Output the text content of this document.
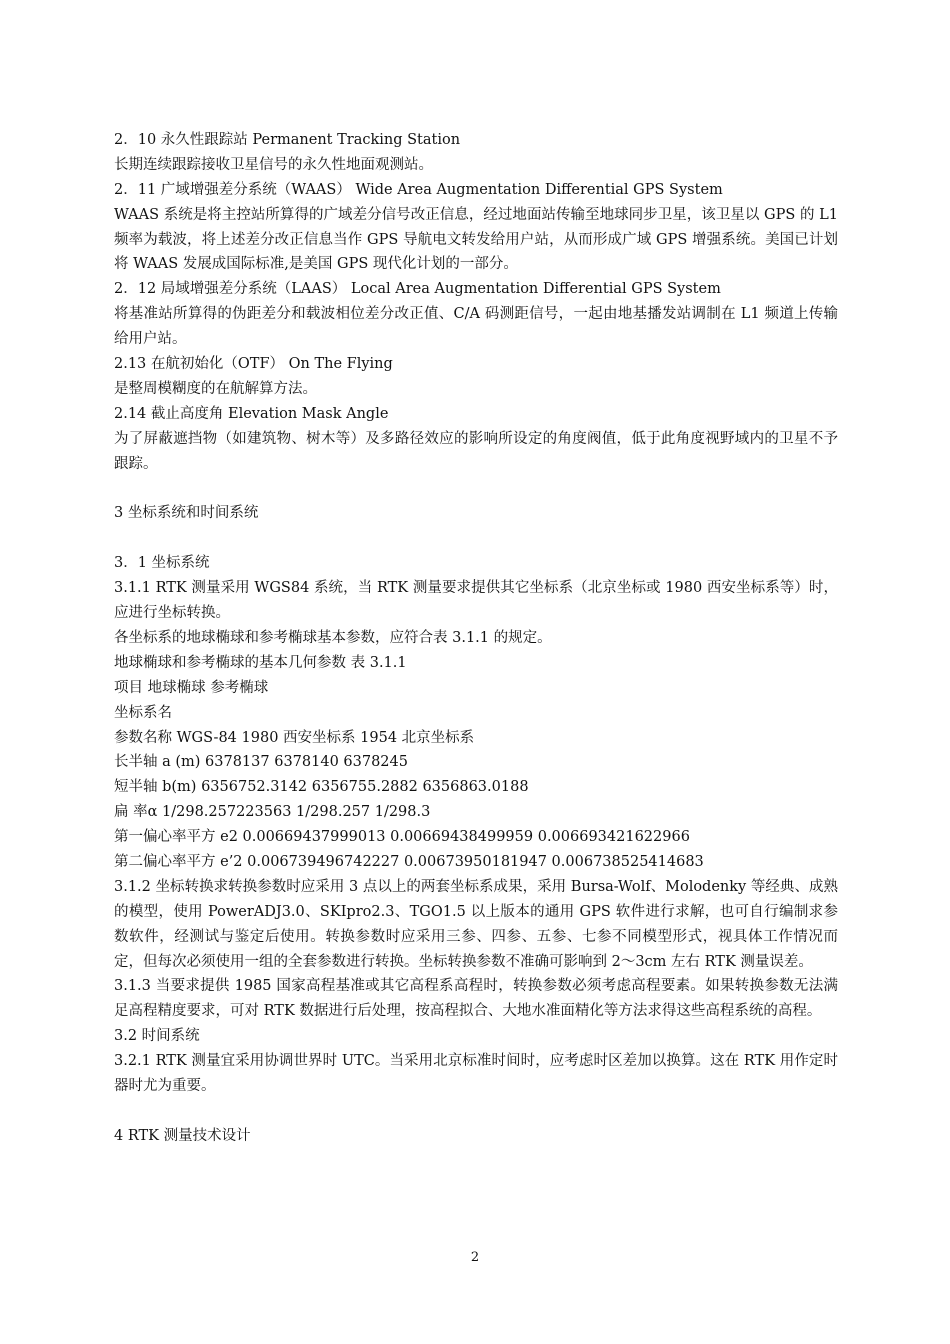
2．10 永久性跟踪站 Permanent Tracking Station
长期连续跟踪接收卫星信号的永久性地面观测站。
2．11 广域增强差分系统（WAAS） Wide Area Augmentation Differential GPS System
WAAS 系统是将主控站所算得的广域差分信号改正信息，经过地面站传输至地球同步卫星，该卫星以 GPS 的 L1 频率为载波，将上述差分改正信息当作 GPS 导航电文转发给用户站，从而形成广域 GPS 增强系统。美国已计划将 WAAS 发展成国际标准,是美国 GPS 现代化计划的一部分。
2．12 局域增强差分系统（LAAS） Local Area Augmentation Differential GPS System
将基准站所算得的伪距差分和载波相位差分改正值、C/A 码测距信号，一起由地基播发站调制在 L1 频道上传输给用户站。
2.13 在航初始化（OTF） On The Flying
是整周模糊度的在航解算方法。
2.14 截止高度角 Elevation Mask Angle
为了屏蔽遮挡物（如建筑物、树木等）及多路径效应的影响所设定的角度阀值，低于此角度视野域内的卫星不予跟踪。
3 坐标系统和时间系统
3．1 坐标系统
3.1.1 RTK 测量采用 WGS84 系统，当 RTK 测量要求提供其它坐标系（北京坐标或 1980 西安坐标系等）时，应进行坐标转换。
各坐标系的地球椭球和参考椭球基本参数，应符合表 3.1.1 的规定。
地球椭球和参考椭球的基本几何参数 表 3.1.1
项目 地球椭球 参考椭球
坐标系名
参数名称 WGS-84 1980 西安坐标系 1954 北京坐标系
长半轴 a (m) 6378137 6378140 6378245
短半轴 b(m) 6356752.3142 6356755.2882 6356863.0188
扁 率α 1/298.257223563 1/298.257 1/298.3
第一偏心率平方 e2 0.00669437999013 0.00669438499959 0.006693421622966
第二偏心率平方 e’2 0.006739496742227 0.00673950181947 0.006738525414683
3.1.2 坐标转换求转换参数时应采用 3 点以上的两套坐标系成果，采用 Bursa-Wolf、Molodenky 等经典、成熟的模型，使用 PowerADJ3.0、SKIpro2.3、TGO1.5 以上版本的通用 GPS 软件进行求解，也可自行编制求参数软件，经测试与鉴定后使用。转换参数时应采用三参、四参、五参、七参不同模型形式，视具体工作情况而定，但每次必须使用一组的全套参数进行转换。坐标转换参数不准确可影响到 2～3cm 左右 RTK 测量误差。
3.1.3 当要求提供 1985 国家高程基准或其它高程系高程时，转换参数必须考虑高程要素。如果转换参数无法满足高程精度要求，可对 RTK 数据进行后处理，按高程拟合、大地水准面精化等方法求得这些高程系统的高程。
3.2 时间系统
3.2.1 RTK 测量宜采用协调世界时 UTC。当采用北京标准时间时，应考虑时区差加以换算。这在 RTK 用作定时器时尤为重要。
4 RTK 测量技术设计
2
